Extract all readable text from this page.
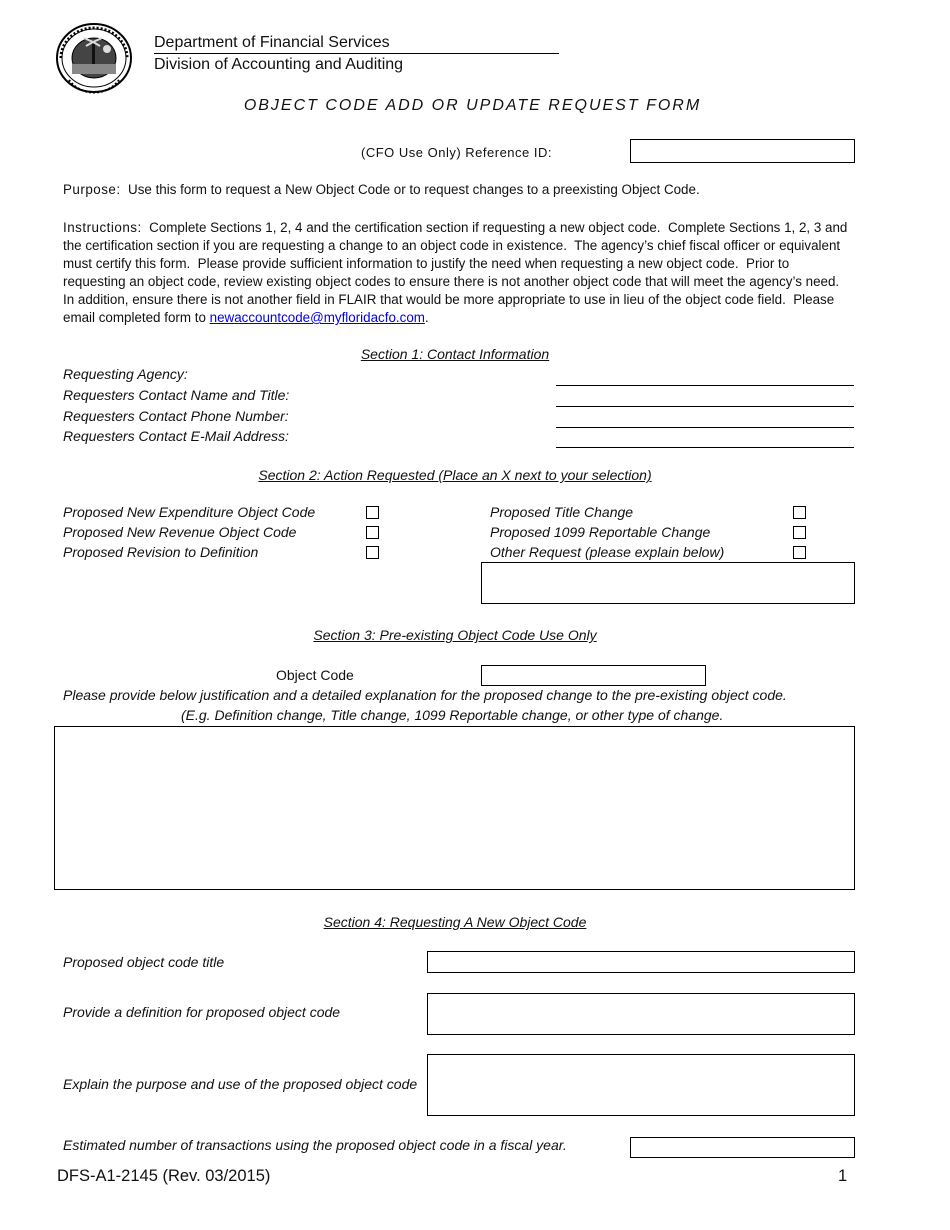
Department of Financial Services
Division of Accounting and Auditing
OBJECT CODE ADD OR UPDATE REQUEST FORM
(CFO Use Only) Reference ID:
Purpose:  Use this form to request a New Object Code or to request changes to a preexisting Object Code.
Instructions:  Complete Sections 1, 2, 4 and the certification section if requesting a new object code.  Complete Sections 1, 2, 3 and the certification section if you are requesting a change to an object code in existence.  The agency’s chief fiscal officer or equivalent must certify this form.  Please provide sufficient information to justify the need when requesting a new object code.  Prior to requesting an object code, review existing object codes to ensure there is not another object code that will meet the agency’s need.  In addition, ensure there is not another field in FLAIR that would be more appropriate to use in lieu of the object code field.  Please email completed form to newaccountcode@myfloridacfo.com.
Section 1: Contact Information
Requesting Agency:
Requesters Contact Name and Title:
Requesters Contact Phone Number:
Requesters Contact E-Mail Address:
Section 2: Action Requested (Place an X next to your selection)
Proposed New Expenditure Object Code
Proposed New Revenue Object Code
Proposed Revision to Definition
Proposed Title Change
Proposed 1099 Reportable Change
Other Request (please explain below)
Section 3: Pre-existing Object Code Use Only
Object Code
Please provide below justification and a detailed explanation for the proposed change to the pre-existing object code.
(E.g. Definition change, Title change, 1099 Reportable change, or other type of change.
Section 4: Requesting A New Object Code
Proposed object code title
Provide a definition for proposed object code
Explain the purpose and use of the proposed object code
Estimated number of transactions using the proposed object code in a fiscal year.
DFS-A1-2145 (Rev. 03/2015)	1
